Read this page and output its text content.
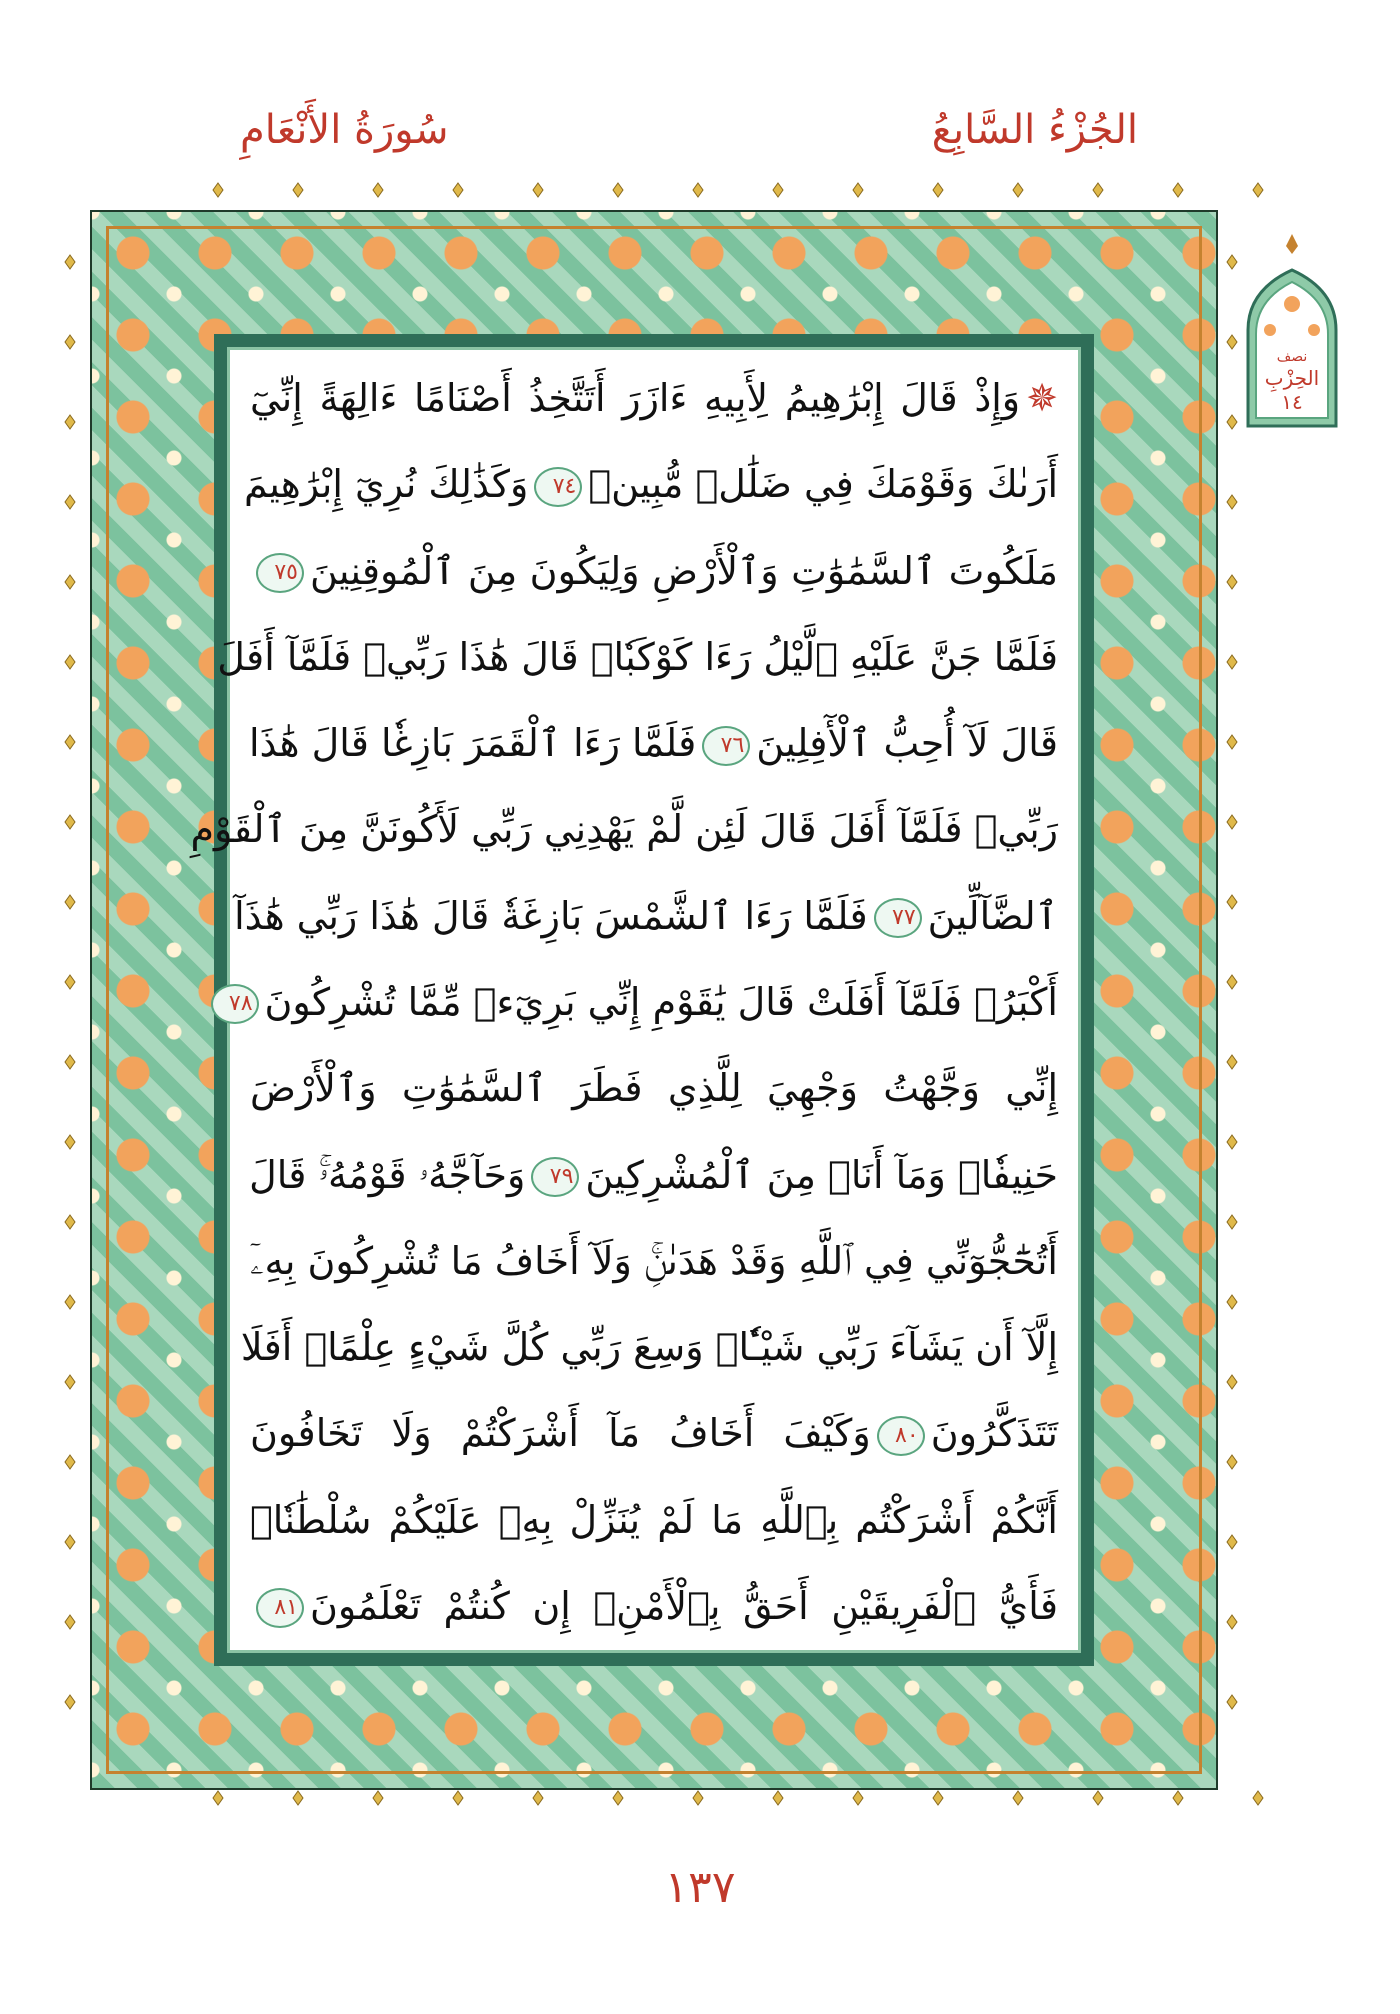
الجُزْءُ السَّابِعُ
سُورَةُ الأَنْعَامِ
✵وَإِذْ قَالَ إِبْرَٰهِيمُ لِأَبِيهِ ءَازَرَ أَتَتَّخِذُ أَصْنَامًا ءَالِهَةً إِنِّيٓ
أَرَىٰكَ وَقَوْمَكَ فِي ضَلَٰلٖ مُّبِينٖ٧٤وَكَذَٰلِكَ نُرِيٓ إِبْرَٰهِيمَ
مَلَكُوتَ ٱلسَّمَٰوَٰتِ وَٱلْأَرْضِ وَلِيَكُونَ مِنَ ٱلْمُوقِنِينَ٧٥
فَلَمَّا جَنَّ عَلَيْهِ ٱلَّيْلُ رَءَا كَوْكَبٗاۖ قَالَ هَٰذَا رَبِّيۖ فَلَمَّآ أَفَلَ
قَالَ لَآ أُحِبُّ ٱلْأٓفِلِينَ٧٦فَلَمَّا رَءَا ٱلْقَمَرَ بَازِغٗا قَالَ هَٰذَا
رَبِّيۖ فَلَمَّآ أَفَلَ قَالَ لَئِن لَّمْ يَهْدِنِي رَبِّي لَأَكُونَنَّ مِنَ ٱلْقَوْمِ
ٱلضَّآلِّينَ٧٧فَلَمَّا رَءَا ٱلشَّمْسَ بَازِغَةٗ قَالَ هَٰذَا رَبِّي هَٰذَآ
أَكْبَرُۖ فَلَمَّآ أَفَلَتْ قَالَ يَٰقَوْمِ إِنِّي بَرِيٓءٞ مِّمَّا تُشْرِكُونَ٧٨
إِنِّي وَجَّهْتُ وَجْهِيَ لِلَّذِي فَطَرَ ٱلسَّمَٰوَٰتِ وَٱلْأَرْضَ
حَنِيفٗاۖ وَمَآ أَنَا۠ مِنَ ٱلْمُشْرِكِينَ٧٩وَحَآجَّهُۥ قَوْمُهُۥۚ قَالَ
أَتُحَٰٓجُّوٓنِّي فِي ٱللَّهِ وَقَدْ هَدَىٰنِۚ وَلَآ أَخَافُ مَا تُشْرِكُونَ بِهِۦٓ
إِلَّآ أَن يَشَآءَ رَبِّي شَيْـٔٗاۚ وَسِعَ رَبِّي كُلَّ شَيْءٍ عِلْمًاۚ أَفَلَا
تَتَذَكَّرُونَ٨٠وَكَيْفَ أَخَافُ مَآ أَشْرَكْتُمْ وَلَا تَخَافُونَ
أَنَّكُمْ أَشْرَكْتُم بِٱللَّهِ مَا لَمْ يُنَزِّلْ بِهِۦ عَلَيْكُمْ سُلْطَٰنٗاۚ
فَأَيُّ ٱلْفَرِيقَيْنِ أَحَقُّ بِٱلْأَمْنِۖ إِن كُنتُمْ تَعْلَمُونَ٨١
نصف
الحِزْبِ
١٤
١٣٧
